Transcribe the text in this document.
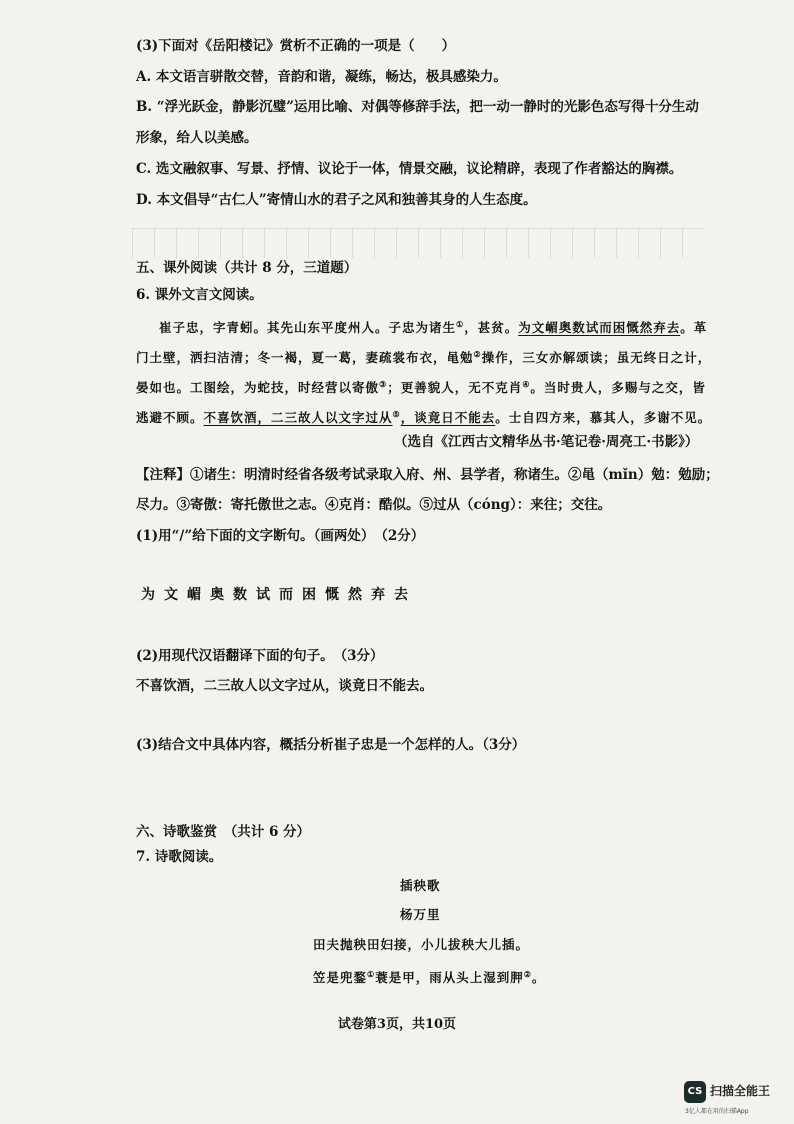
(3)下面对《岳阳楼记》赏析不正确的一项是（　　）
A. 本文语言骈散交替，音韵和谐，凝练，畅达，极具感染力。
B. “浮光跃金，静影沉璧”运用比喻、对偶等修辞手法，把一动一静时的光影色态写得十分生动
形象，给人以美感。
C. 选文融叙事、写景、抒情、议论于一体，情景交融，议论精辟，表现了作者豁达的胸襟。
D. 本文倡导“古仁人”寄情山水的君子之风和独善其身的人生态度。
五、课外阅读（共计 8 分，三道题）
6. 课外文言文阅读。
崔子忠，字青蚓。其先山东平度州人。子忠为诸生①，甚贫。为文嵋奥数试而困慨然弃去。革
门土壁，洒扫洁清；冬一褐，夏一葛，妻疏裳布衣，黾勉②操作，三女亦解颂读；虽无终日之计，
晏如也。工图绘，为蛇技，时经营以寄傲③；更善貌人，无不克肖④。当时贵人，多赐与之交，皆
逃避不顾。不喜饮酒，二三故人以文字过从⑤，谈竟日不能去。士自四方来，慕其人，多谢不见。
（选自《江西古文精华丛书·笔记卷·周亮工·书影》）
【注释】①诸生：明清时经省各级考试录取入府、州、县学者，称诸生。②黾（mǐn）勉：勉励；
尽力。③寄傲：寄托傲世之志。④克肖：酷似。⑤过从（cóng）：来往；交往。
(1)用“/”给下面的文字断句。（画两处）　（2分）
为文嵋奥数试而困慨然弃去
(2)用现代汉语翻译下面的句子。　（3分）
不喜饮酒，二三故人以文字过从，谈竟日不能去。
(3)结合文中具体内容，概括分析崔子忠是一个怎样的人。（3分）
六、诗歌鉴赏　（共计 6 分）
7. 诗歌阅读。
插秧歌
杨万里
田夫抛秧田妇接，小儿拔秧大儿插。
笠是兜鍪①蓑是甲，雨从头上湿到胛②。
试卷第3页，共10页
CS 扫描全能王
3亿人都在用的扫描App
